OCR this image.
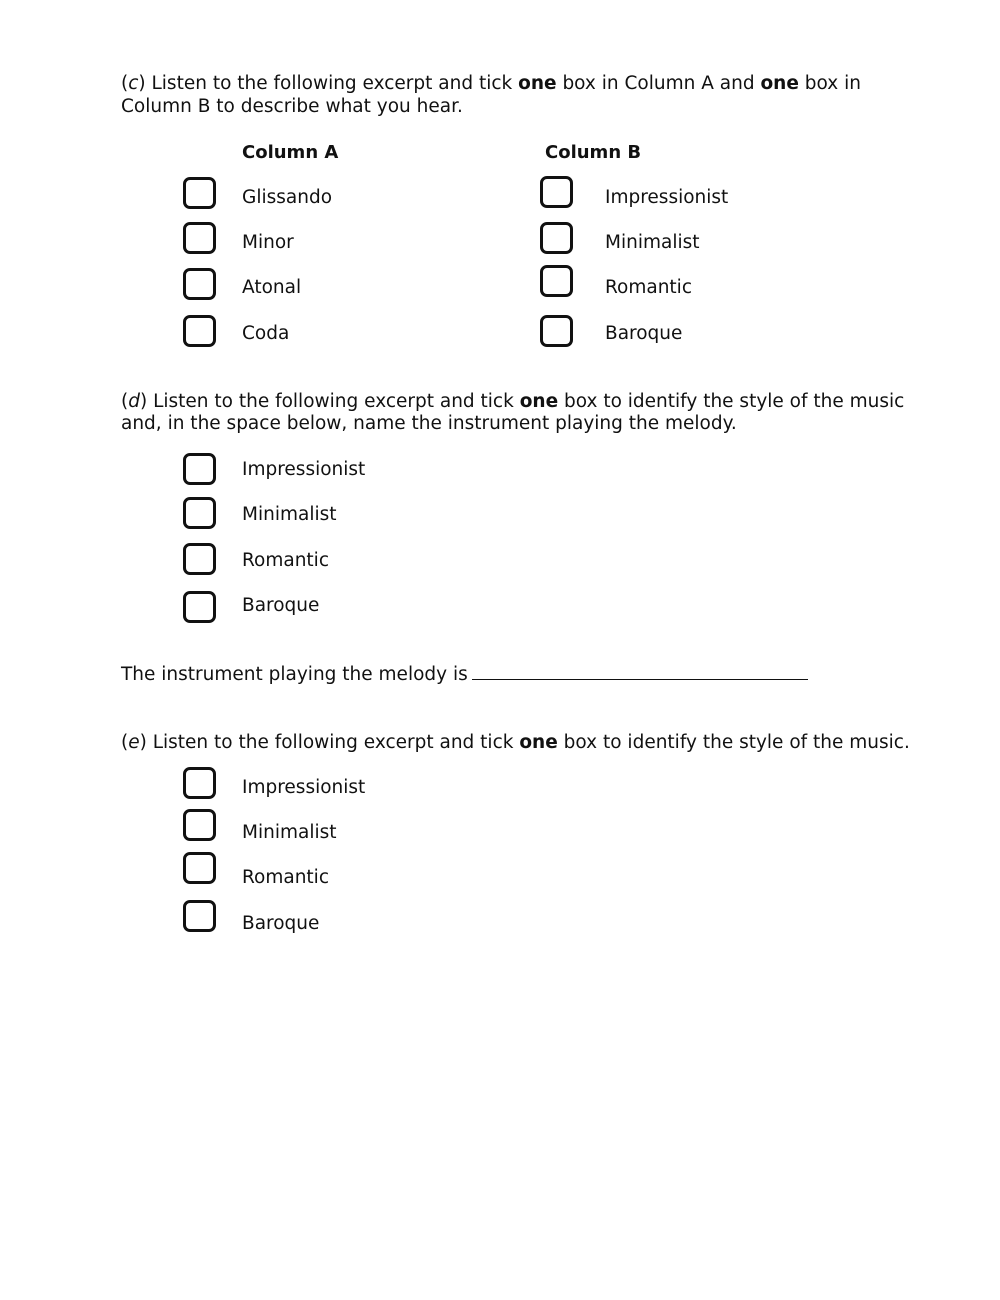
(c) Listen to the following excerpt and tick one box in Column A and one box in
Column B to describe what you hear.
Column A	Column B
Glissando
Minor
Atonal
Coda
Impressionist
Minimalist
Romantic
Baroque
(d) Listen to the following excerpt and tick one box to identify the style of the music
and, in the space below, name the instrument playing the melody.
Impressionist
Minimalist
Romantic
Baroque
The instrument playing the melody is
(e) Listen to the following excerpt and tick one box to identify the style of the music.
Impressionist
Minimalist
Romantic
Baroque
